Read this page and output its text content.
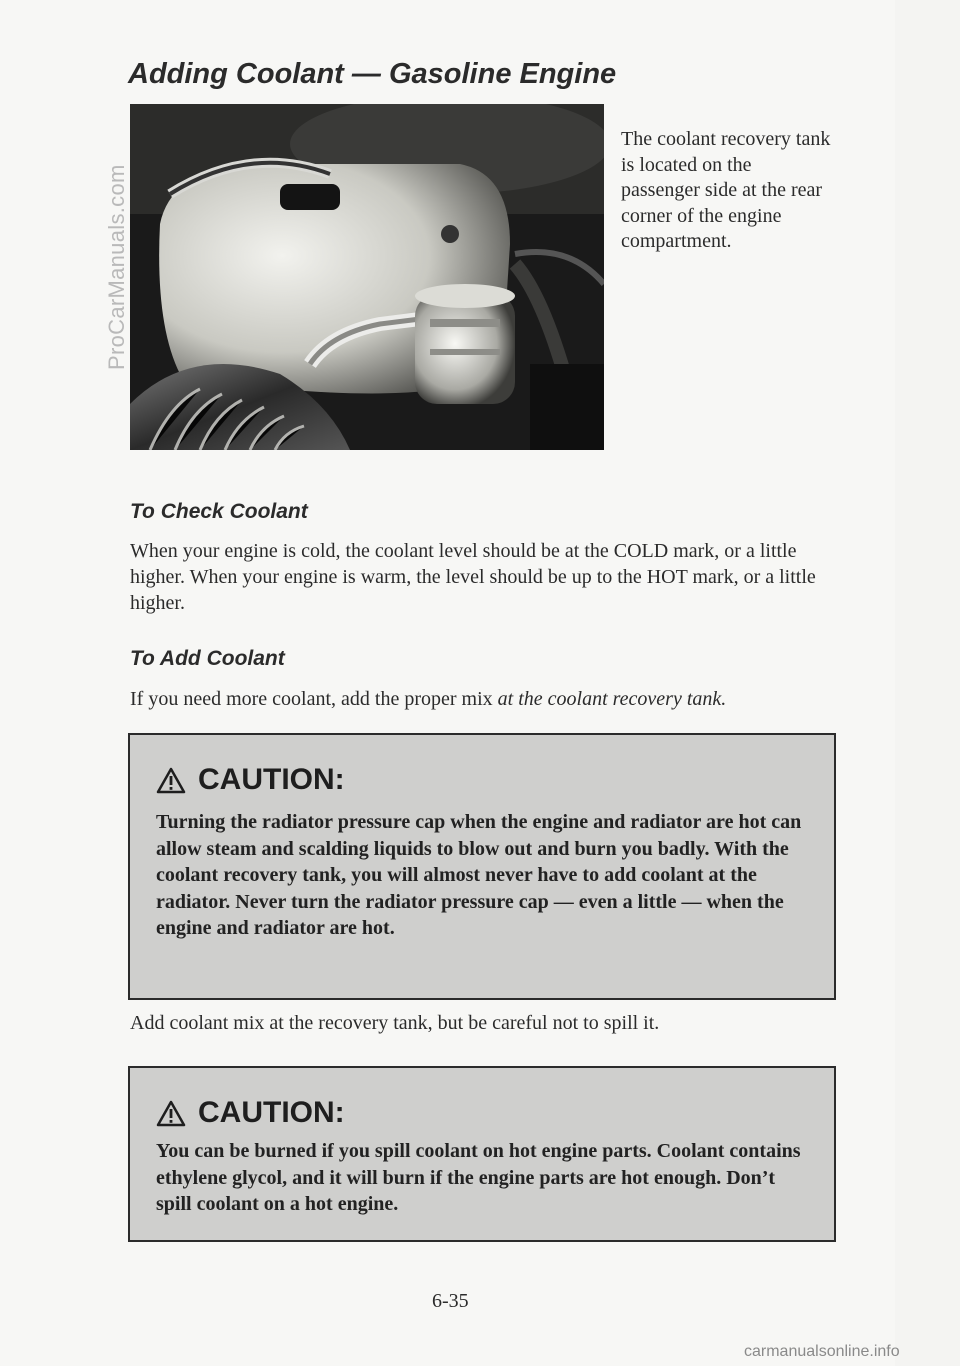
ProCarManuals.com
Adding Coolant — Gasoline Engine

The coolant recovery tank is located on the passenger side at the rear corner of the engine compartment.

To Check Coolant

When your engine is cold, the coolant level should be at the COLD mark, or a little higher. When your engine is warm, the level should be up to the HOT mark, or a little higher.

To Add Coolant

If you need more coolant, add the proper mix at the coolant recovery tank.

CAUTION:

Turning the radiator pressure cap when the engine and radiator are hot can allow steam and scalding liquids to blow out and burn you badly. With the coolant recovery tank, you will almost never have to add coolant at the radiator. Never turn the radiator pressure cap — even a little — when the engine and radiator are hot.

Add coolant mix at the recovery tank, but be careful not to spill it.

CAUTION:

You can be burned if you spill coolant on hot engine parts. Coolant contains ethylene glycol, and it will burn if the engine parts are hot enough. Don’t spill coolant on a hot engine.

6-35
carmanualsonline.info
